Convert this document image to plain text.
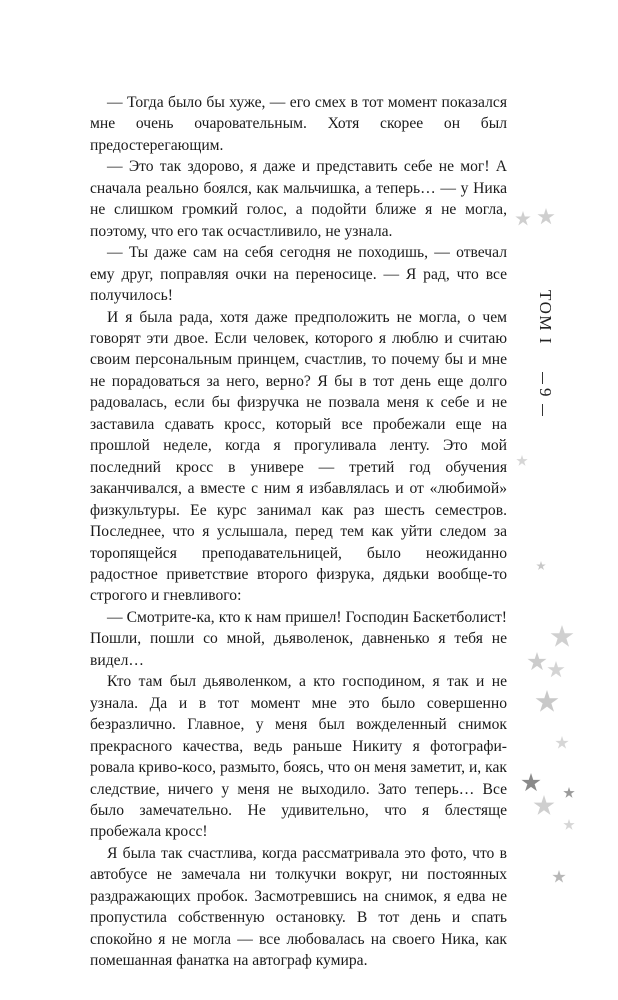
— Тогда было бы хуже, — его смех в тот момент показался мне очень очаровательным. Хотя скорее он был предостерегающим.

— Это так здорово, я даже и представить себе не мог! А сначала реально боялся, как мальчишка, а теперь… — у Ника не слишком громкий голос, а подойти ближе я не могла, поэтому, что его так осчастливило, не узнала.

— Ты даже сам на себя сегодня не походишь, — отвечал ему друг, поправляя очки на переносице. — Я рад, что все получилось!

И я была рада, хотя даже предположить не могла, о чем говорят эти двое. Если человек, которого я люблю и считаю своим персональным принцем, счастлив, то почему бы и мне не порадоваться за него, верно? Я бы в тот день еще долго радовалась, если бы физручка не позвала меня к себе и не заставила сдавать кросс, который все пробежали еще на прошлой неделе, когда я прогуливала ленту. Это мой последний кросс в универе — третий год обучения заканчивался, а вместе с ним я избавлялась и от «любимой» физкультуры. Ее курс занимал как раз шесть семестров. Последнее, что я услышала, перед тем как уйти следом за торопящейся преподавательницей, было неожиданно радостное приветствие второго физрука, дядьки вообще-то строгого и гневливого:

— Смотрите-ка, кто к нам пришел! Господин Баскетболист! Пошли, пошли со мной, дьяволенок, давненько я тебя не видел…

Кто там был дьяволенком, а кто господином, я так и не узнала. Да и в тот момент мне это было совершенно безразлично. Главное, у меня был вожделенный снимок прекрасного качества, ведь раньше Никиту я фотографировала криво-косо, размыто, боясь, что он меня заметит, и, как следствие, ничего у меня не выходило. Зато теперь… Все было замечательно. Не удивительно, что я блестяще пробежала кросс!

Я была так счастлива, когда рассматривала это фото, что в автобусе не замечала ни толкучки вокруг, ни постоянных раздражающих пробок. Засмотревшись на снимок, я едва не пропустила собственную остановку. В тот день и спать спокойно я не могла — все любовалась на своего Ника, как помешанная фанатка на автограф кумира.

ТОМ I
9
